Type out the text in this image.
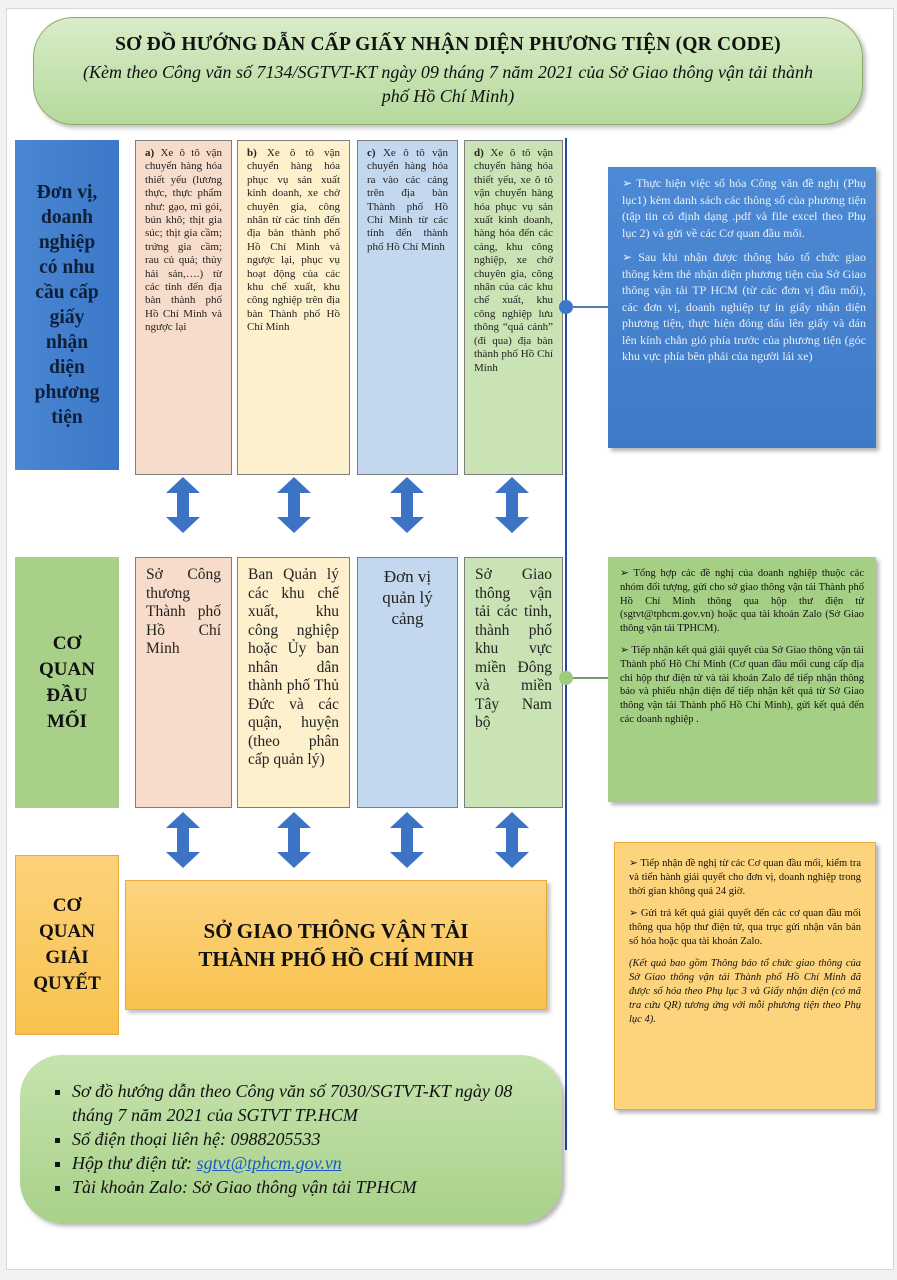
SƠ ĐỒ HƯỚNG DẪN CẤP GIẤY NHẬN DIỆN PHƯƠNG TIỆN (QR CODE)
(Kèm theo Công văn số 7134/SGTVT-KT ngày 09 tháng 7 năm 2021 của Sở Giao thông vận tải thành phố Hồ Chí Minh)
Đơn vị,
doanh
nghiệp
có nhu
cầu cấp
giấy
nhận
diện
phương
tiện
CƠ
QUAN
ĐẦU
MỐI
CƠ
QUAN
GIẢI
QUYẾT
a) Xe ô tô vận chuyển hàng hóa thiết yếu (lương thực, thực phẩm như: gạo, mì gói, bún khô; thịt gia súc; thịt gia cầm; trứng gia cầm; rau củ quả; thủy hải sản,….) từ các tỉnh đến địa bàn thành phố Hồ Chí Minh và ngược lại
b) Xe ô tô vận chuyển hàng hóa phục vụ sản xuất kinh doanh, xe chở chuyên gia, công nhân từ các tỉnh đến địa bàn thành phố Hồ Chí Minh và ngược lại, phục vụ hoạt động của các khu chế xuất, khu công nghiệp trên địa bàn Thành phố Hồ Chí Minh
c) Xe ô tô vận chuyển hàng hóa ra vào các cảng trên địa bàn Thành phố Hồ Chí Minh từ các tỉnh đến thành phố Hồ Chí Minh
d) Xe ô tô vận chuyển hàng hóa thiết yếu, xe ô tô vận chuyển hàng hóa phục vụ sản xuất kinh doanh, hàng hóa đến các cảng, khu công nghiệp, xe chở chuyên gia, công nhân của các khu chế xuất, khu công nghiệp lưu thông “quá cảnh” (đi qua) địa bàn thành phố Hồ Chí Minh
Sở Công thương Thành phố Hồ Chí Minh
Ban Quản lý các khu chế xuất, khu công nghiệp hoặc Ủy ban nhân dân thành phố Thủ Đức và các quận, huyện (theo phân cấp quản lý)
Đơn vị quản lý cảng
Sở Giao thông vận tải các tỉnh, thành phố khu vực miền Đông và miền Tây Nam bộ
SỞ GIAO THÔNG VẬN TẢI
THÀNH PHỐ HỒ CHÍ MINH

➢ Thực hiện việc số hóa Công văn đề nghị (Phụ lục1) kèm danh sách các thông số của phương tiện (tập tin có định dạng .pdf và file excel theo Phụ lục 2) và gửi về các Cơ quan đầu mối.

➢ Sau khi nhận được thông báo tổ chức giao thông kèm thẻ nhận diện phương tiện của Sở Giao thông vận tải TP HCM (từ các đơn vị đầu mối), các đơn vị, doanh nghiệp tự in giấy nhận diện phương tiện, thực hiện đóng dấu lên giấy và dán lên kính chắn gió phía trước của phương tiện (góc khu vực phía bên phải của người lái xe)

➢ Tổng hợp các đề nghị của doanh nghiệp thuộc các nhóm đối tượng, gửi cho sở giao thông vận tải Thành phố Hồ Chí Minh thông qua hộp thư điện tử (sgtvt@tphcm.gov.vn) hoặc qua tài khoản Zalo (Sở Giao thông vận tải TPHCM).

➢ Tiếp nhận kết quả giải quyết của Sở Giao thông vận tải Thành phố Hồ Chí Minh (Cơ quan đầu mối cung cấp địa chỉ hộp thư điện tử và tài khoản Zalo để tiếp nhận thông báo và phiếu nhận diện để tiếp nhận kết quả từ Sở Giao thông vận tải Thành phố Hồ Chí Minh), gửi kết quả đến các doanh nghiệp .

➢ Tiếp nhận đề nghị từ các Cơ quan đầu mối, kiểm tra và tiến hành giải quyết cho đơn vị, doanh nghiệp trong thời gian không quá 24 giờ.

➢ Gửi trả kết quả giải quyết đến các cơ quan đầu mối thông qua hộp thư điện tử, qua trục gửi nhận văn bản số hóa hoặc qua tài khoản Zalo.

(Kết quả bao gồm Thông báo tổ chức giao thông của Sở Giao thông vận tải Thành phố Hồ Chí Minh đã được số hóa theo Phụ lục 3 và Giấy nhận diện (có mã tra cứu QR) tương ứng với mỗi phương tiện theo Phụ lục 4).

▪ Sơ đồ hướng dẫn theo Công văn số 7030/SGTVT-KT ngày 08 tháng 7 năm 2021 của SGTVT TP.HCM
▪ Số điện thoại liên hệ: 0988205533
▪ Hộp thư điện tử: sgtvt@tphcm.gov.vn
▪ Tài khoản Zalo: Sở Giao thông vận tải TPHCM
